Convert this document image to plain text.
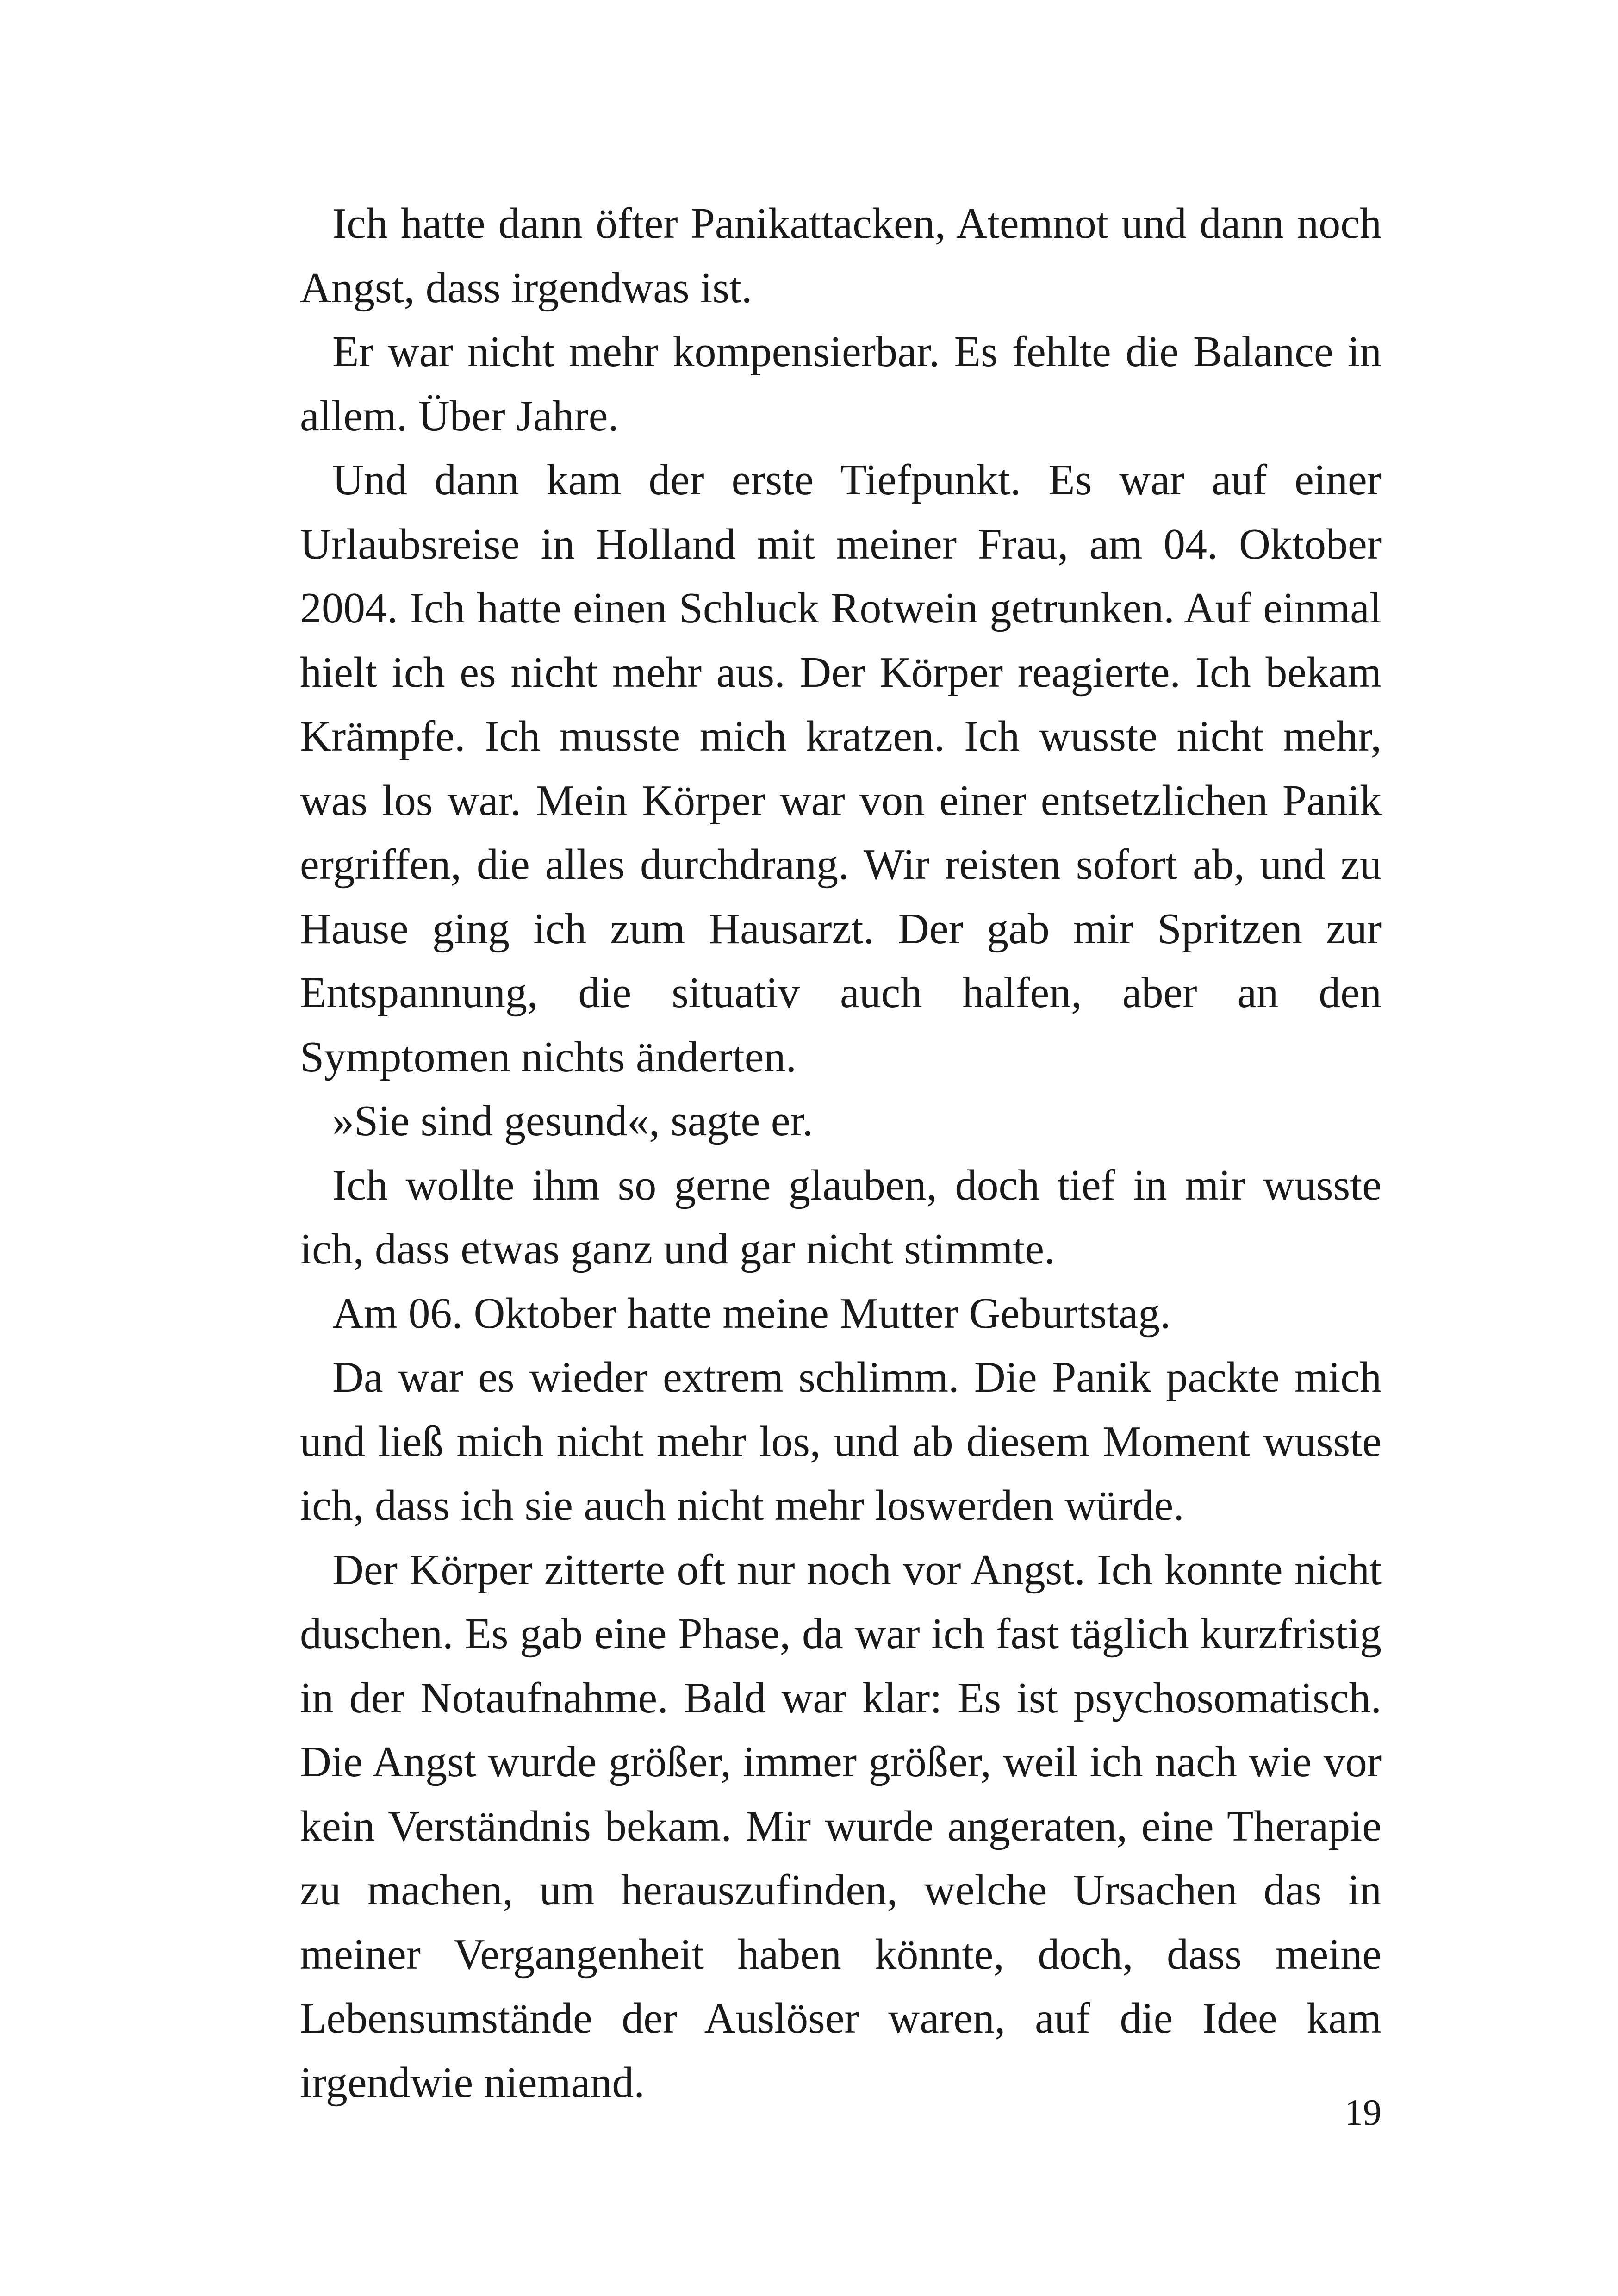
Ich hatte dann öfter Panikattacken, Atemnot und dann noch Angst, dass irgendwas ist.

Er war nicht mehr kompensierbar. Es fehlte die Balance in allem. Über Jahre.

Und dann kam der erste Tiefpunkt. Es war auf einer Urlaubsreise in Holland mit meiner Frau, am 04. Oktober 2004. Ich hatte einen Schluck Rotwein getrunken. Auf einmal hielt ich es nicht mehr aus. Der Körper reagierte. Ich bekam Krämpfe. Ich musste mich kratzen. Ich wusste nicht mehr, was los war. Mein Körper war von einer entsetzlichen Panik ergriffen, die alles durchdrang. Wir reisten sofort ab, und zu Hause ging ich zum Hausarzt. Der gab mir Spritzen zur Entspannung, die situativ auch halfen, aber an den Symptomen nichts änderten.

»Sie sind gesund«, sagte er.

Ich wollte ihm so gerne glauben, doch tief in mir wusste ich, dass etwas ganz und gar nicht stimmte.

Am 06. Oktober hatte meine Mutter Geburtstag.

Da war es wieder extrem schlimm. Die Panik packte mich und ließ mich nicht mehr los, und ab diesem Moment wusste ich, dass ich sie auch nicht mehr loswerden würde.

Der Körper zitterte oft nur noch vor Angst. Ich konnte nicht duschen. Es gab eine Phase, da war ich fast täglich kurzfristig in der Notaufnahme. Bald war klar: Es ist psychosomatisch. Die Angst wurde größer, immer größer, weil ich nach wie vor kein Verständnis bekam. Mir wurde angeraten, eine Therapie zu machen, um herauszufinden, welche Ursachen das in meiner Vergangenheit haben könnte, doch, dass meine Lebensumstände der Auslöser waren, auf die Idee kam irgendwie niemand.

19
